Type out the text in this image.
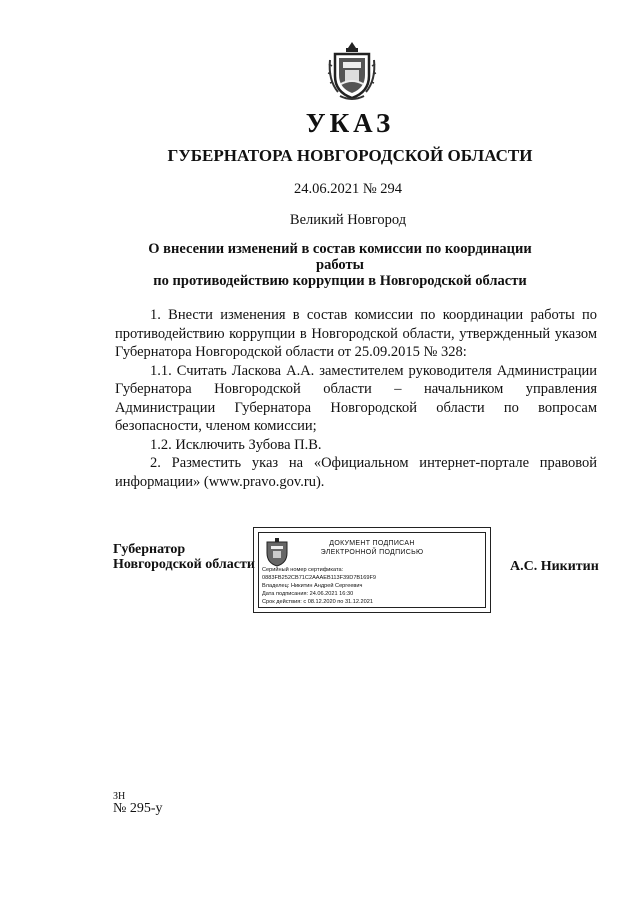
УКАЗ
ГУБЕРНАТОРА НОВГОРОДСКОЙ ОБЛАСТИ
24.06.2021 № 294
Великий Новгород
О внесении изменений в состав комиссии по координации работы
по противодействию коррупции в Новгородской области

1. Внести изменения в состав комиссии по координации работы по противодействию коррупции в Новгородской области, утвержденный указом Губернатора Новгородской области от 25.09.2015 № 328:

1.1. Считать Ласкова А.А. заместителем руководителя Администрации Губернатора Новгородской области – начальником управления Администрации Губернатора Новгородской области по вопросам безопасности, членом комиссии;

1.2. Исключить Зубова П.В.

2. Разместить указ на «Официальном интернет-портале правовой информации» (www.pravo.gov.ru).

Губернатор
Новгородской области
ДОКУМЕНТ ПОДПИСАН
ЭЛЕКТРОННОЙ ПОДПИСЬЮ
Серийный номер сертификата:
0883FB252CB71C2AAAEB113F39D7B169F9
Владелец: Никитин Андрей Сергеевич
Дата подписания: 24.06.2021 16:30
Срок действия: с 08.12.2020 по 31.12.2021
А.С. Никитин
ЗН
№ 295-у
